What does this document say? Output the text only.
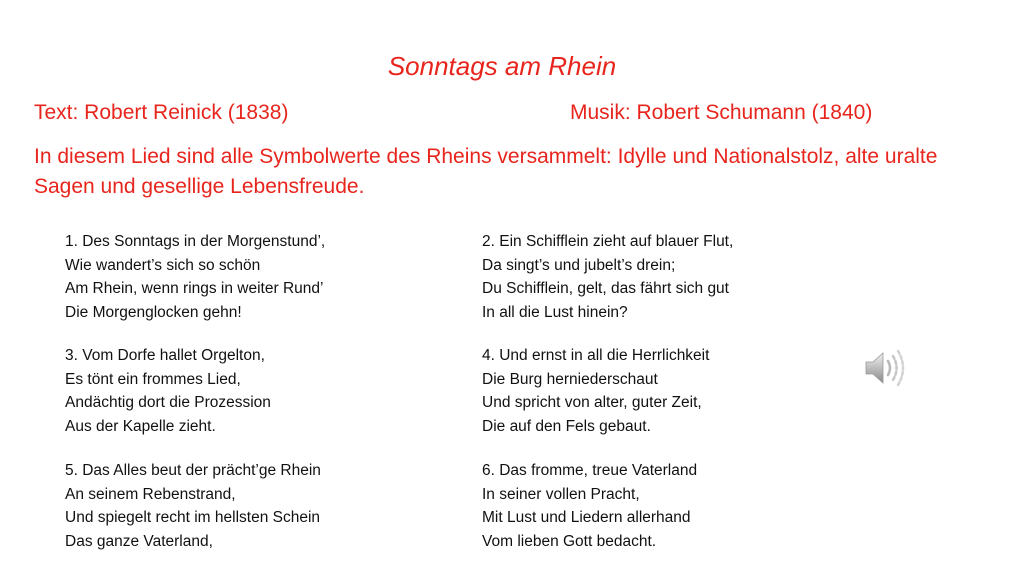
Sonntags am Rhein
Text: Robert Reinick (1838)	Musik: Robert Schumann (1840)
In diesem Lied sind alle Symbolwerte des Rheins versammelt: Idylle und Nationalstolz, alte uralte Sagen und gesellige Lebensfreude.
1. Des Sonntags in der Morgenstund’,
Wie wandert’s sich so schön
Am Rhein, wenn rings in weiter Rund’
Die Morgenglocken gehn!
2. Ein Schifflein zieht auf blauer Flut,
Da singt’s und jubelt’s drein;
Du Schifflein, gelt, das fährt sich gut
In all die Lust hinein?
3. Vom Dorfe hallet Orgelton,
Es tönt ein frommes Lied,
Andächtig dort die Prozession
Aus der Kapelle zieht.
4. Und ernst in all die Herrlichkeit
Die Burg herniederschaut
Und spricht von alter, guter Zeit,
Die auf den Fels gebaut.
5. Das Alles beut der prächt’ge Rhein
An seinem Rebenstrand,
Und spiegelt recht im hellsten Schein
Das ganze Vaterland,
6. Das fromme, treue Vaterland
In seiner vollen Pracht,
Mit Lust und Liedern allerhand
Vom lieben Gott bedacht.
